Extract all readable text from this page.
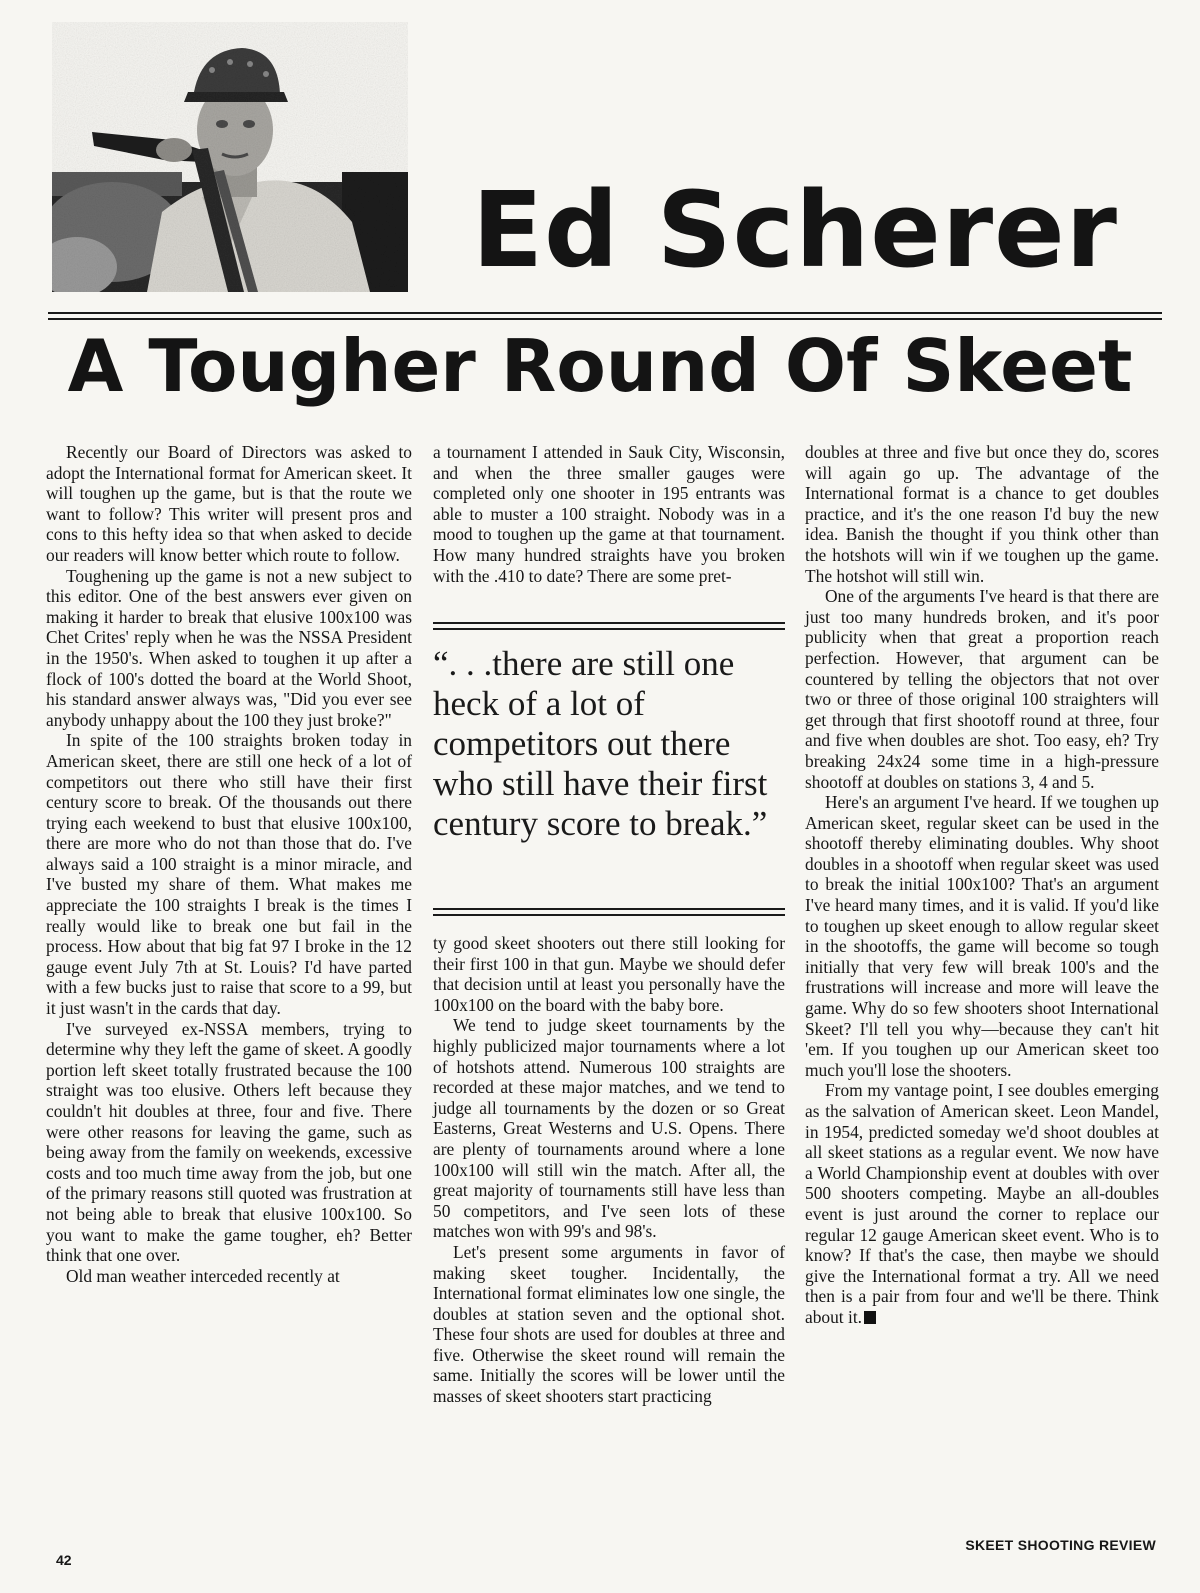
Ed Scherer
A Tougher Round Of Skeet

Recently our Board of Directors was asked to adopt the International format for American skeet. It will toughen up the game, but is that the route we want to follow? This writer will present pros and cons to this hefty idea so that when asked to decide our readers will know better which route to follow.

Toughening up the game is not a new subject to this editor. One of the best answers ever given on making it harder to break that elusive 100x100 was Chet Crites' reply when he was the NSSA President in the 1950's. When asked to toughen it up after a flock of 100's dotted the board at the World Shoot, his standard answer always was, "Did you ever see anybody unhappy about the 100 they just broke?"

In spite of the 100 straights broken today in American skeet, there are still one heck of a lot of competitors out there who still have their first century score to break. Of the thousands out there trying each weekend to bust that elusive 100x100, there are more who do not than those that do. I've always said a 100 straight is a minor miracle, and I've busted my share of them. What makes me appreciate the 100 straights I break is the times I really would like to break one but fail in the process. How about that big fat 97 I broke in the 12 gauge event July 7th at St. Louis? I'd have parted with a few bucks just to raise that score to a 99, but it just wasn't in the cards that day.

I've surveyed ex-NSSA members, trying to determine why they left the game of skeet. A goodly portion left skeet totally frustrated because the 100 straight was too elusive. Others left because they couldn't hit doubles at three, four and five. There were other reasons for leaving the game, such as being away from the family on weekends, excessive costs and too much time away from the job, but one of the primary reasons still quoted was frustration at not being able to break that elusive 100x100. So you want to make the game tougher, eh? Better think that one over.

Old man weather interceded recently at

a tournament I attended in Sauk City, Wisconsin, and when the three smaller gauges were completed only one shooter in 195 entrants was able to muster a 100 straight. Nobody was in a mood to toughen up the game at that tournament. How many hundred straights have you broken with the .410 to date? There are some pret-

“. . .there are still one heck of a lot of competitors out there who still have their first century score to break.”

ty good skeet shooters out there still looking for their first 100 in that gun. Maybe we should defer that decision until at least you personally have the 100x100 on the board with the baby bore.

We tend to judge skeet tournaments by the highly publicized major tournaments where a lot of hotshots attend. Numerous 100 straights are recorded at these major matches, and we tend to judge all tournaments by the dozen or so Great Easterns, Great Westerns and U.S. Opens. There are plenty of tournaments around where a lone 100x100 will still win the match. After all, the great majority of tournaments still have less than 50 competitors, and I've seen lots of these matches won with 99's and 98's.

Let's present some arguments in favor of making skeet tougher. Incidentally, the International format eliminates low one single, the doubles at station seven and the optional shot. These four shots are used for doubles at three and five. Otherwise the skeet round will remain the same. Initially the scores will be lower until the masses of skeet shooters start practicing

doubles at three and five but once they do, scores will again go up. The advantage of the International format is a chance to get doubles practice, and it's the one reason I'd buy the new idea. Banish the thought if you think other than the hotshots will win if we toughen up the game. The hotshot will still win.

One of the arguments I've heard is that there are just too many hundreds broken, and it's poor publicity when that great a proportion reach perfection. However, that argument can be countered by telling the objectors that not over two or three of those original 100 straighters will get through that first shootoff round at three, four and five when doubles are shot. Too easy, eh? Try breaking 24x24 some time in a high-pressure shootoff at doubles on stations 3, 4 and 5.

Here's an argument I've heard. If we toughen up American skeet, regular skeet can be used in the shootoff thereby eliminating doubles. Why shoot doubles in a shootoff when regular skeet was used to break the initial 100x100? That's an argument I've heard many times, and it is valid. If you'd like to toughen up skeet enough to allow regular skeet in the shootoffs, the game will become so tough initially that very few will break 100's and the frustrations will increase and more will leave the game. Why do so few shooters shoot International Skeet? I'll tell you why—because they can't hit 'em. If you toughen up our American skeet too much you'll lose the shooters.

From my vantage point, I see doubles emerging as the salvation of American skeet. Leon Mandel, in 1954, predicted someday we'd shoot doubles at all skeet stations as a regular event. We now have a World Championship event at doubles with over 500 shooters competing. Maybe an all-doubles event is just around the corner to replace our regular 12 gauge American skeet event. Who is to know? If that's the case, then maybe we should give the International format a try. All we need then is a pair from four and we'll be there. Think about it.

42
SKEET SHOOTING REVIEW
